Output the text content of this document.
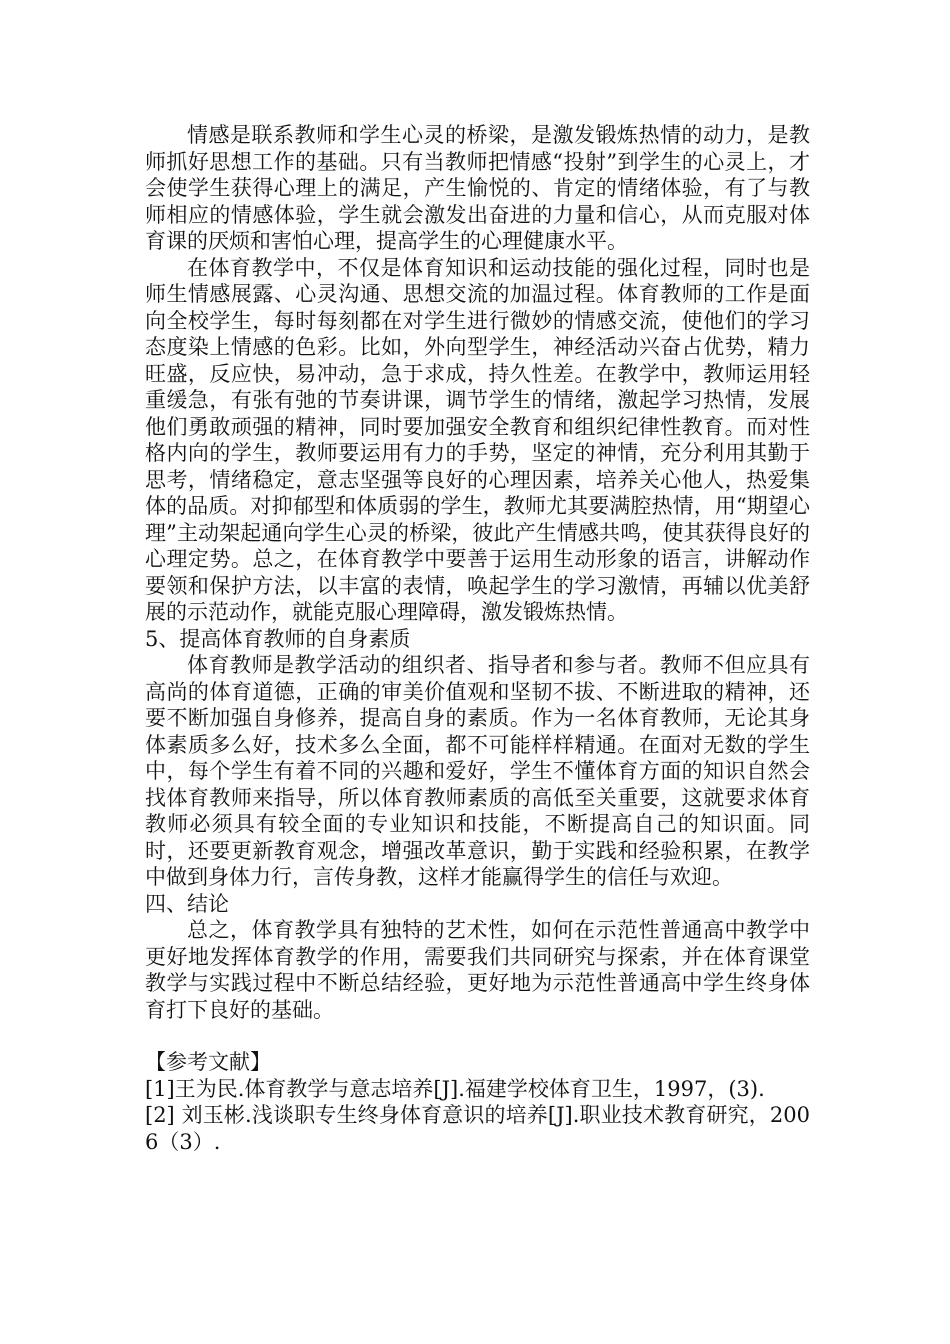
情感是联系教师和学生心灵的桥梁，是激发锻炼热情的动力，是教师抓好思想工作的基础。只有当教师把情感“投射”到学生的心灵上，才会使学生获得心理上的满足，产生愉悦的、肯定的情绪体验，有了与教师相应的情感体验，学生就会激发出奋进的力量和信心，从而克服对体育课的厌烦和害怕心理，提高学生的心理健康水平。

在体育教学中，不仅是体育知识和运动技能的强化过程，同时也是师生情感展露、心灵沟通、思想交流的加温过程。体育教师的工作是面向全校学生，每时每刻都在对学生进行微妙的情感交流，使他们的学习态度染上情感的色彩。比如，外向型学生，神经活动兴奋占优势，精力旺盛，反应快，易冲动，急于求成，持久性差。在教学中，教师运用轻重缓急，有张有弛的节奏讲课，调节学生的情绪，激起学习热情，发展他们勇敢顽强的精神，同时要加强安全教育和组织纪律性教育。而对性格内向的学生，教师要运用有力的手势，坚定的神情，充分利用其勤于思考，情绪稳定，意志坚强等良好的心理因素，培养关心他人，热爱集体的品质。对抑郁型和体质弱的学生，教师尤其要满腔热情，用“期望心理”主动架起通向学生心灵的桥梁，彼此产生情感共鸣，使其获得良好的心理定势。总之，在体育教学中要善于运用生动形象的语言，讲解动作要领和保护方法，以丰富的表情，唤起学生的学习激情，再辅以优美舒展的示范动作，就能克服心理障碍，激发锻炼热情。

5、提高体育教师的自身素质

体育教师是教学活动的组织者、指导者和参与者。教师不但应具有高尚的体育道德，正确的审美价值观和坚韧不拔、不断进取的精神，还要不断加强自身修养，提高自身的素质。作为一名体育教师，无论其身体素质多么好，技术多么全面，都不可能样样精通。在面对无数的学生中，每个学生有着不同的兴趣和爱好，学生不懂体育方面的知识自然会找体育教师来指导，所以体育教师素质的高低至关重要，这就要求体育教师必须具有较全面的专业知识和技能，不断提高自己的知识面。同时，还要更新教育观念，增强改革意识，勤于实践和经验积累，在教学中做到身体力行，言传身教，这样才能赢得学生的信任与欢迎。

四、结论

总之，体育教学具有独特的艺术性，如何在示范性普通高中教学中更好地发挥体育教学的作用，需要我们共同研究与探索，并在体育课堂教学与实践过程中不断总结经验，更好地为示范性普通高中学生终身体育打下良好的基础。

【参考文献】

[1]王为民.体育教学与意志培养[J].福建学校体育卫生，1997，(3).

[2] 刘玉彬.浅谈职专生终身体育意识的培养[J].职业技术教育研究，2006（3）.
